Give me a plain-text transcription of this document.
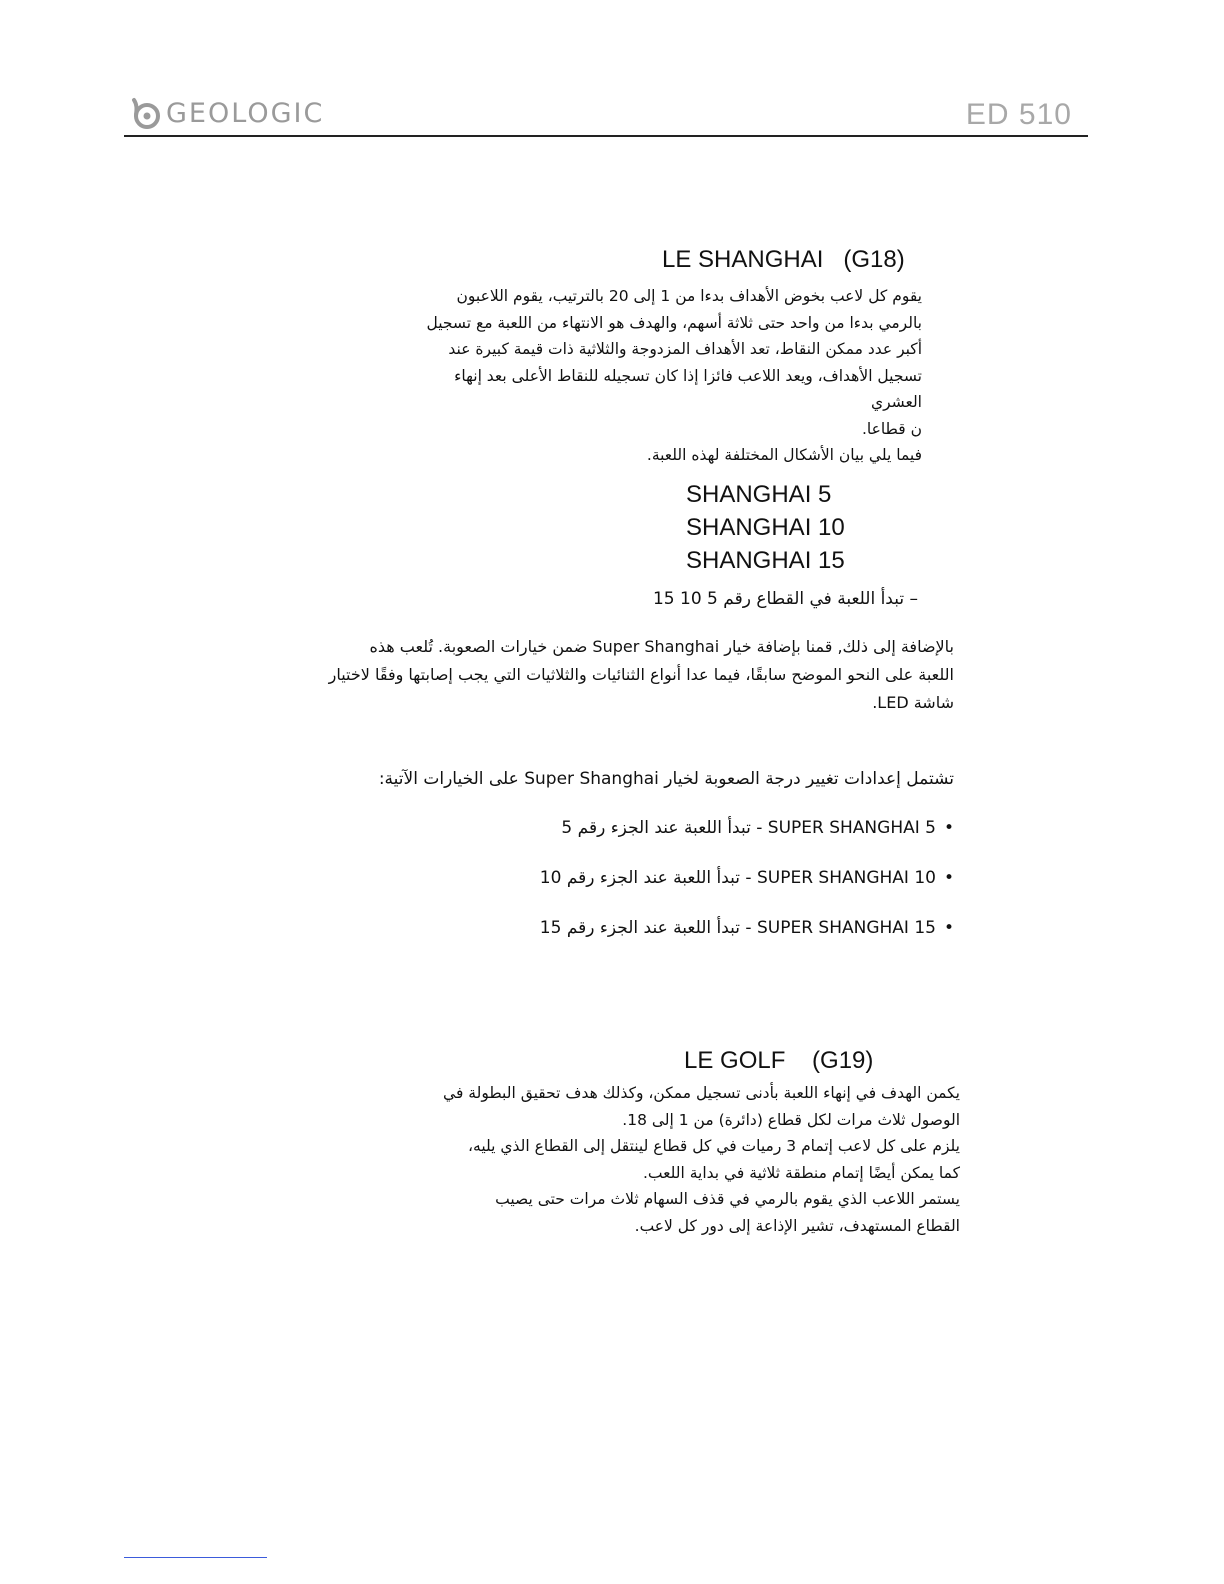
GEOLOGIC	ED 510
LE SHANGHAI   (G18)
يقوم كل لاعب بخوض الأهداف بدءا من 1 إلى 20 بالترتيب، يقوم اللاعبون
بالرمي بدءا من واحد حتى ثلاثة أسهم، والهدف هو الانتهاء من اللعبة مع تسجيل
أكبر عدد ممكن النقاط، تعد الأهداف المزدوجة والثلاثية ذات قيمة كبيرة عند
تسجيل الأهداف، ويعد اللاعب فائزا إذا كان تسجيله للنقاط الأعلى بعد إنهاء
العشري
ن قطاعا.
فيما يلي بيان الأشكال المختلفة لهذه اللعبة.
SHANGHAI 5
SHANGHAI 10
SHANGHAI 15
– تبدأ اللعبة في القطاع رقم 5 10 15
بالإضافة إلى ذلك, قمنا بإضافة خيار Super Shanghai ضمن خيارات الصعوبة. تُلعب هذه
اللعبة على النحو الموضح سابقًا، فيما عدا أنواع الثنائيات والثلاثيات التي يجب إصابتها وفقًا لاختيار
شاشة LED.
تشتمل إعدادات تغيير درجة الصعوبة لخيار Super Shanghai على الخيارات الآتية:
•SUPER SHANGHAI 5 - تبدأ اللعبة عند الجزء رقم 5
•SUPER SHANGHAI 10 - تبدأ اللعبة عند الجزء رقم 10
•SUPER SHANGHAI 15 - تبدأ اللعبة عند الجزء رقم 15
LE GOLF    (G19)
يكمن الهدف في إنهاء اللعبة بأدنى تسجيل ممكن، وكذلك هدف تحقيق البطولة في
الوصول ثلاث مرات لكل قطاع (دائرة) من 1 إلى 18.
يلزم على كل لاعب إتمام 3 رميات في كل قطاع لينتقل إلى القطاع الذي يليه،
كما يمكن أيضًا إتمام منطقة ثلاثية في بداية اللعب.
يستمر اللاعب الذي يقوم بالرمي في قذف السهام ثلاث مرات حتى يصيب
القطاع المستهدف، تشير الإذاعة إلى دور كل لاعب.
